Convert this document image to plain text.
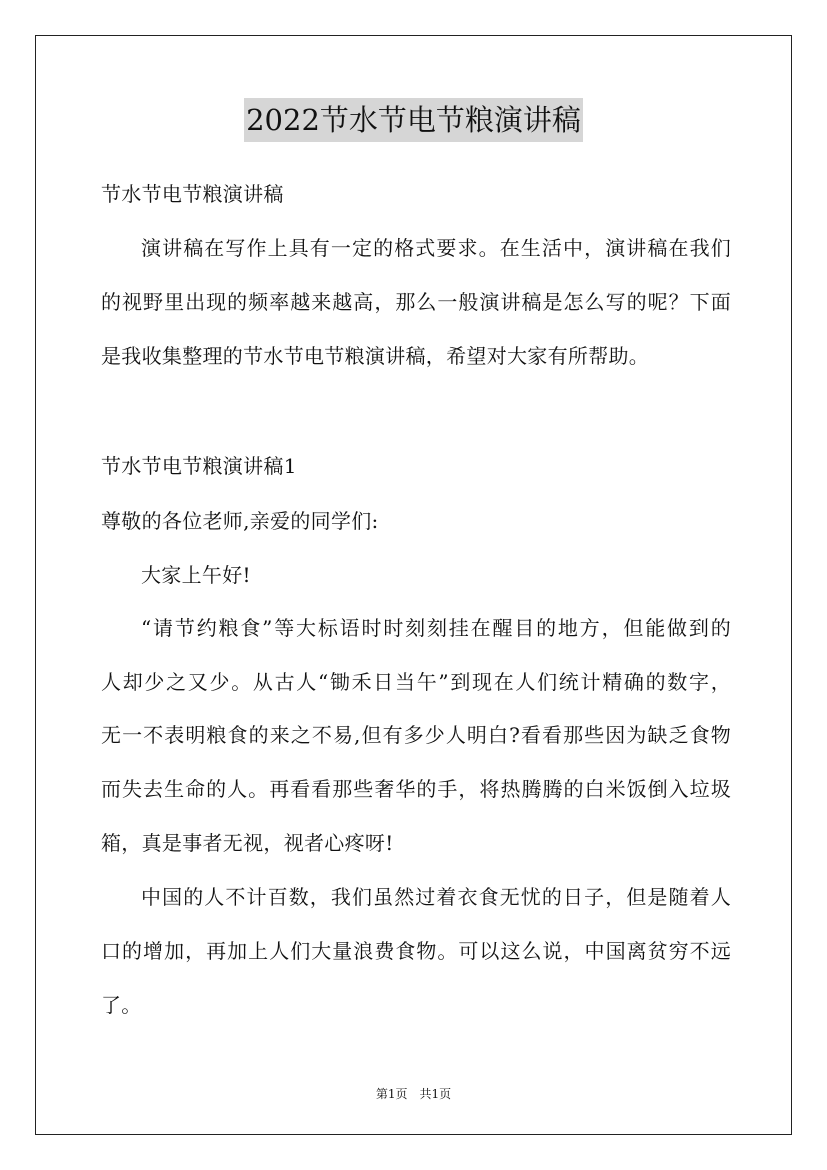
2022节水节电节粮演讲稿
节水节电节粮演讲稿
演讲稿在写作上具有一定的格式要求。在生活中，演讲稿在我们
的视野里出现的频率越来越高，那么一般演讲稿是怎么写的呢？下面
是我收集整理的节水节电节粮演讲稿，希望对大家有所帮助。
节水节电节粮演讲稿1
尊敬的各位老师,亲爱的同学们:
大家上午好!
“请节约粮食”等大标语时时刻刻挂在醒目的地方，但能做到的
人却少之又少。从古人“锄禾日当午”到现在人们统计精确的数字，
无一不表明粮食的来之不易,但有多少人明白?看看那些因为缺乏食物
而失去生命的人。再看看那些奢华的手，将热腾腾的白米饭倒入垃圾
箱，真是事者无视，视者心疼呀!
中国的人不计百数，我们虽然过着衣食无忧的日子，但是随着人
口的增加，再加上人们大量浪费食物。可以这么说，中国离贫穷不远
了。
第1页　共1页
